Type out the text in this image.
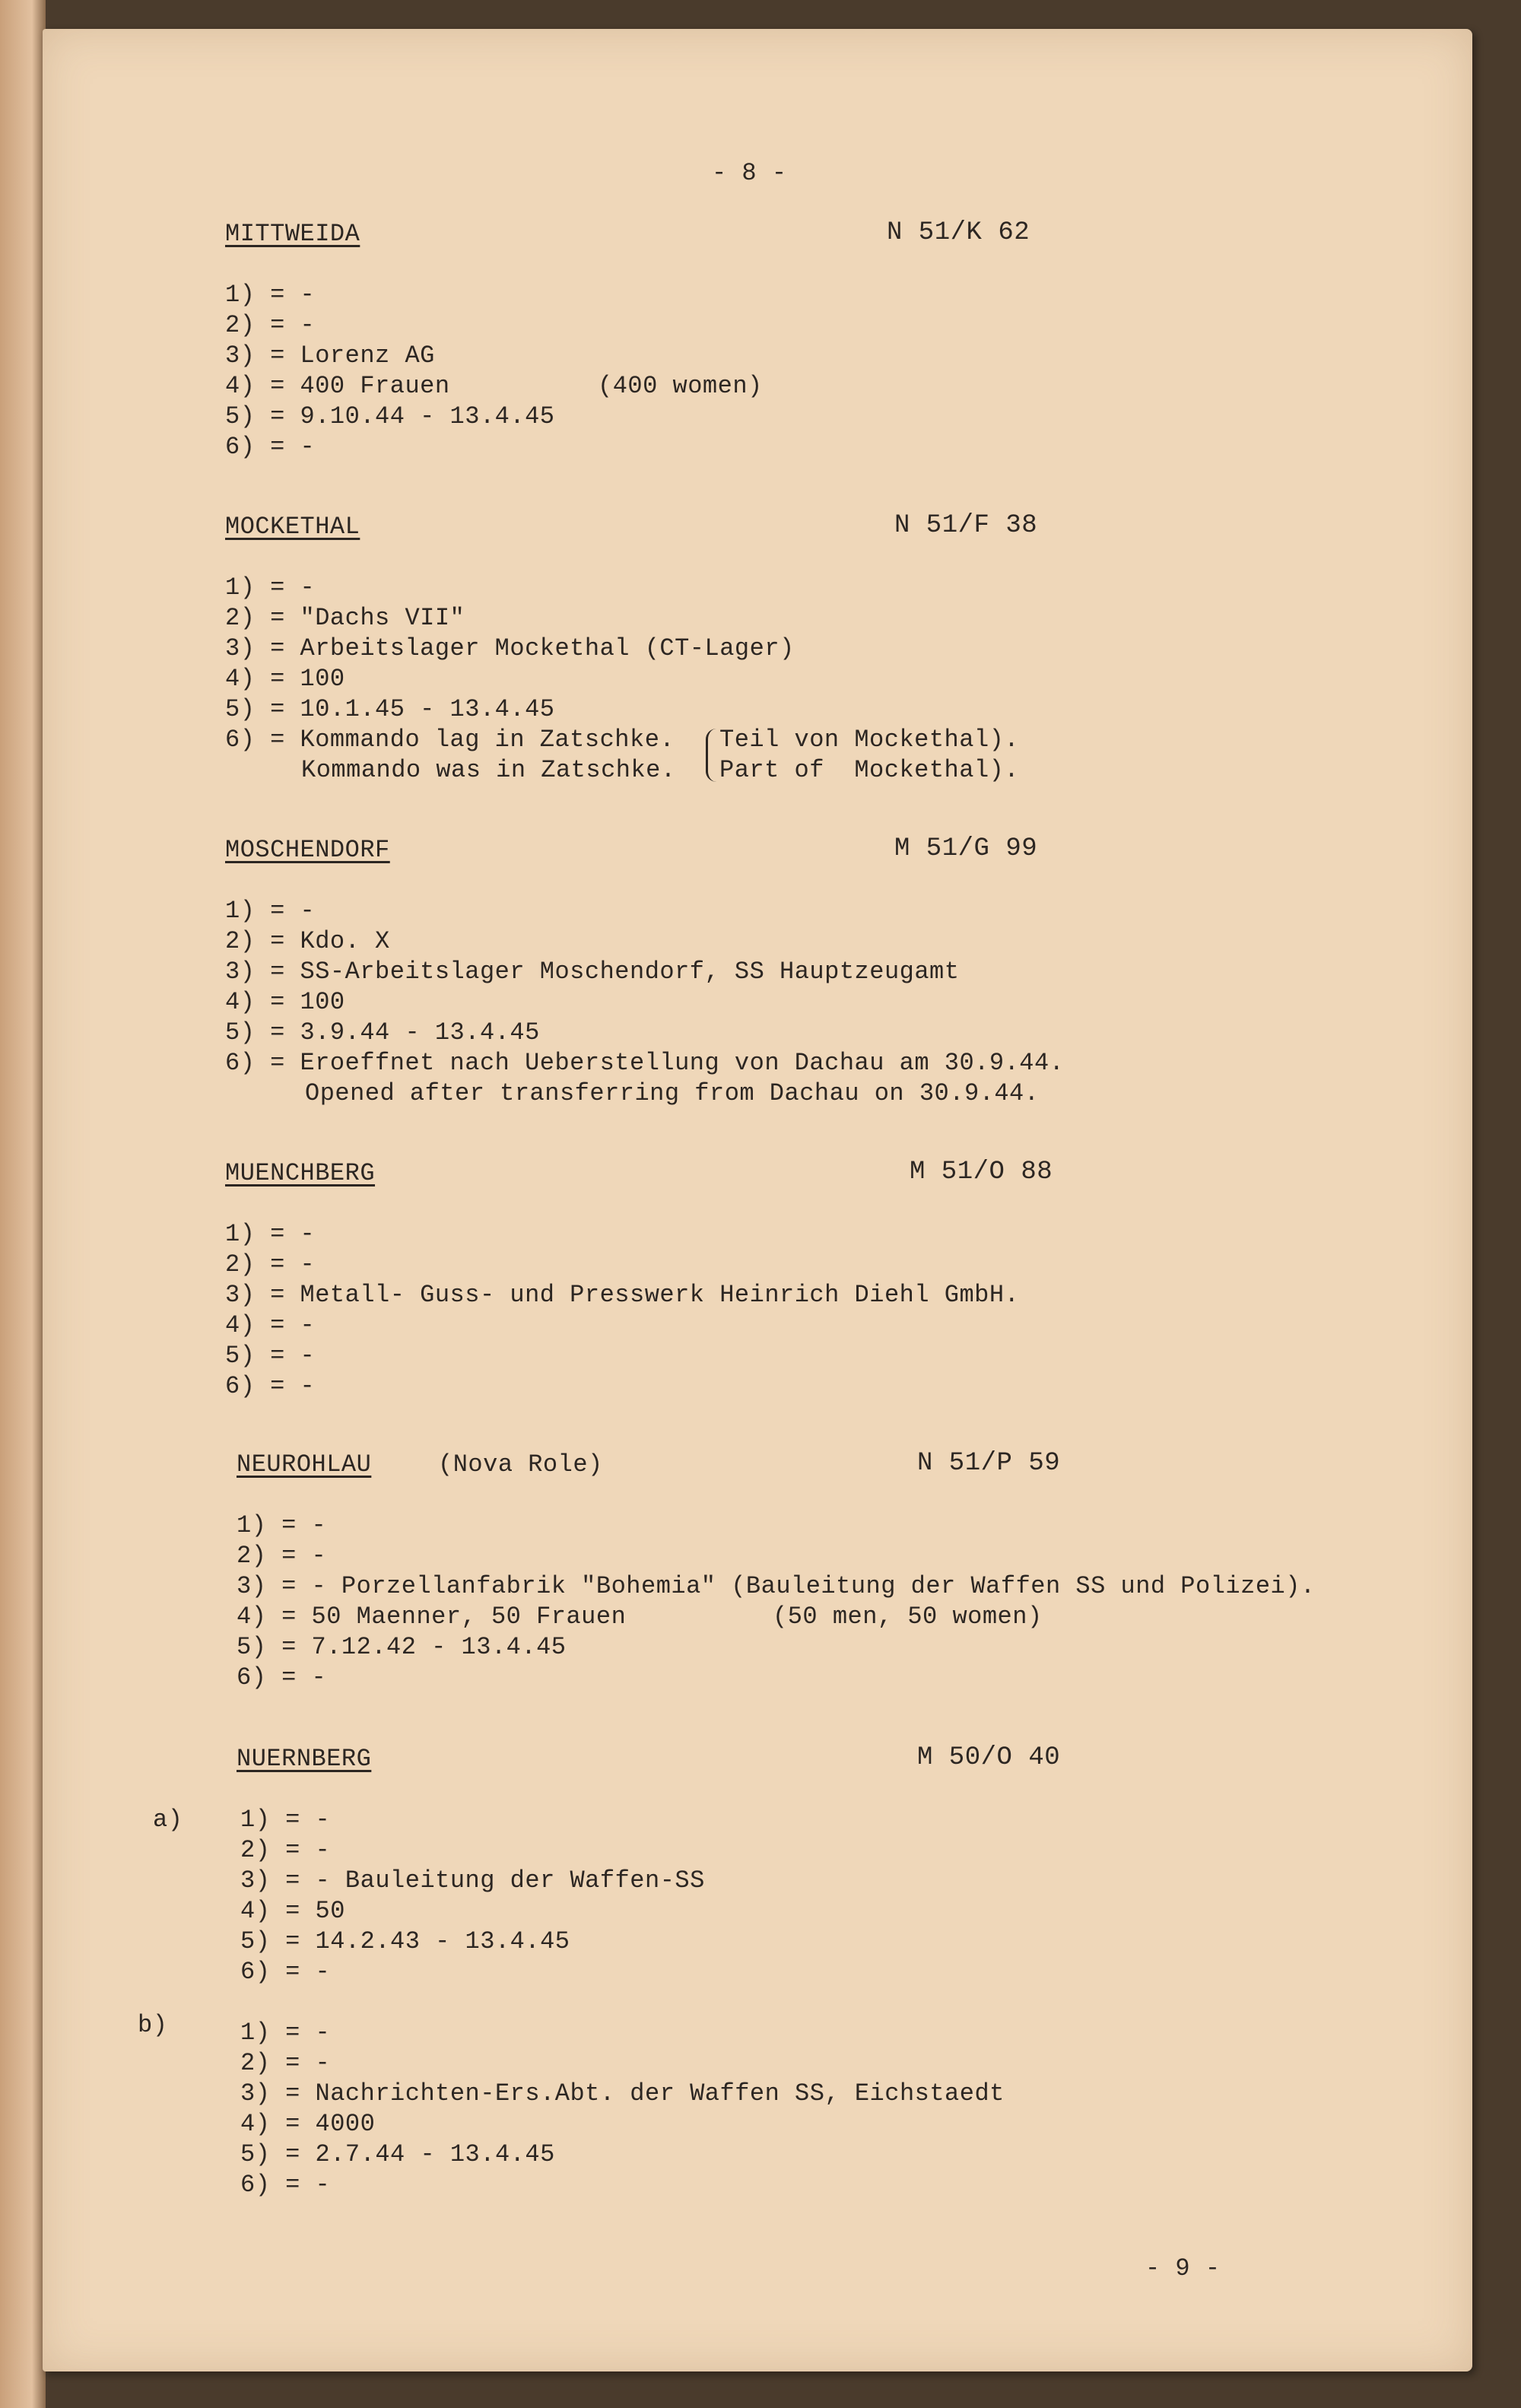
- 8 -
MITTWEIDA	N 51/K 62
1) = -
2) = -
3) = Lorenz AG
4) = 400 Frauen	(400 women)
5) = 9.10.44 - 13.4.45
6) = -
MOCKETHAL	N 51/F 38
1) = -
2) = "Dachs VII"
3) = Arbeitslager Mockethal (CT-Lager)
4) = 100
5) = 10.1.45 - 13.4.45
6) = Kommando lag in Zatschke.
Kommando was in Zatschke.
Teil von Mockethal).
Part of  Mockethal).
MOSCHENDORF	M 51/G 99
1) = -
2) = Kdo. X
3) = SS-Arbeitslager Moschendorf, SS Hauptzeugamt
4) = 100
5) = 3.9.44 - 13.4.45
6) = Eroeffnet nach Ueberstellung von Dachau am 30.9.44.
Opened after transferring from Dachau on 30.9.44.
MUENCHBERG	M 51/O 88
1) = -
2) = -
3) = Metall- Guss- und Presswerk Heinrich Diehl GmbH.
4) = -
5) = -
6) = -
NEUROHLAU	(Nova Role)	N 51/P 59
1) = -
2) = -
3) = - Porzellanfabrik "Bohemia" (Bauleitung der Waffen SS und Polizei).
4) = 50 Maenner, 50 Frauen	(50 men, 50 women)
5) = 7.12.42 - 13.4.45
6) = -
NUERNBERG	M 50/O 40
a) 1) = -
2) = -
3) = - Bauleitung der Waffen-SS
4) = 50
5) = 14.2.43 - 13.4.45
6) = -
b)	1) = -
2) = -
3) = Nachrichten-Ers.Abt. der Waffen SS, Eichstaedt
4) = 4000
5) = 2.7.44 - 13.4.45
6) = -
- 9 -
